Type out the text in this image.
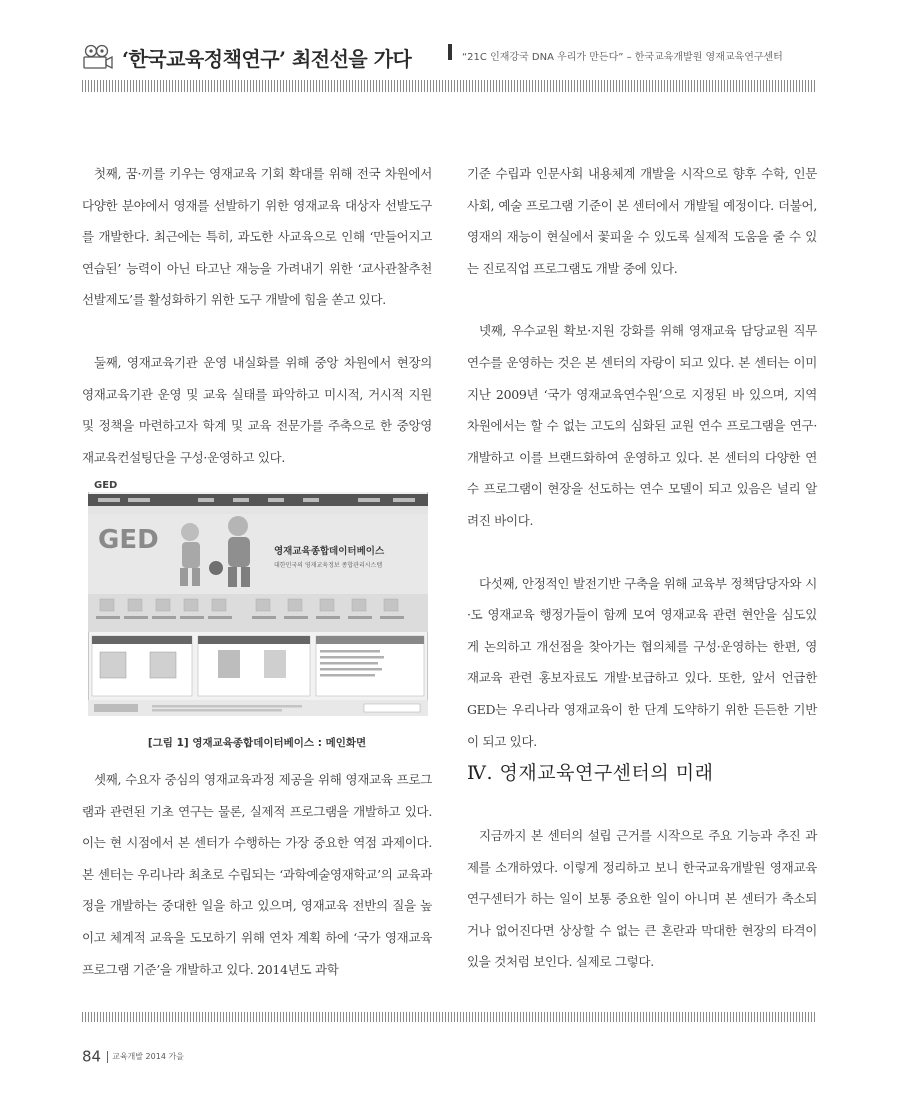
‘한국교육정책연구’ 최전선을 가다	“21C 인재강국 DNA 우리가 만든다” – 한국교육개발원 영재교육연구센터

첫째, 꿈·끼를 키우는 영재교육 기회 확대를 위해 전국 차원에서 다양한 분야에서 영재를 선발하기 위한 영재교육 대상자 선발도구를 개발한다. 최근에는 특히, 과도한 사교육으로 인해 ‘만들어지고 연습된’ 능력이 아닌 타고난 재능을 가려내기 위한 ‘교사관찰추천선발제도’를 활성화하기 위한 도구 개발에 힘을 쏟고 있다.

둘째, 영재교육기관 운영 내실화를 위해 중앙 차원에서 현장의 영재교육기관 운영 및 교육 실태를 파악하고 미시적, 거시적 지원 및 정책을 마련하고자 학계 및 교육 전문가를 주축으로 한 중앙영재교육컨설팅단을 구성·운영하고 있다.

GED
GED	영재교육종합데이터베이스
대한민국의 영재교육정보 종합관리시스템
[그림 1] 영재교육종합데이터베이스 : 메인화면

셋째, 수요자 중심의 영재교육과정 제공을 위해 영재교육 프로그램과 관련된 기초 연구는 물론, 실제적 프로그램을 개발하고 있다. 이는 현 시점에서 본 센터가 수행하는 가장 중요한 역점 과제이다. 본 센터는 우리나라 최초로 수립되는 ‘과학예술영재학교’의 교육과정을 개발하는 중대한 일을 하고 있으며, 영재교육 전반의 질을 높이고 체계적 교육을 도모하기 위해 연차 계획 하에 ‘국가 영재교육 프로그램 기준’을 개발하고 있다. 2014년도 과학

기준 수립과 인문사회 내용체계 개발을 시작으로 향후 수학, 인문사회, 예술 프로그램 기준이 본 센터에서 개발될 예정이다. 더불어, 영재의 재능이 현실에서 꽃피울 수 있도록 실제적 도움을 줄 수 있는 진로직업 프로그램도 개발 중에 있다.

넷째, 우수교원 확보·지원 강화를 위해 영재교육 담당교원 직무연수를 운영하는 것은 본 센터의 자랑이 되고 있다. 본 센터는 이미 지난 2009년 ‘국가 영재교육연수원’으로 지정된 바 있으며, 지역 차원에서는 할 수 없는 고도의 심화된 교원 연수 프로그램을 연구·개발하고 이를 브랜드화하여 운영하고 있다. 본 센터의 다양한 연수 프로그램이 현장을 선도하는 연수 모델이 되고 있음은 널리 알려진 바이다.

다섯째, 안정적인 발전기반 구축을 위해 교육부 정책담당자와 시·도 영재교육 행정가들이 함께 모여 영재교육 관련 현안을 심도있게 논의하고 개선점을 찾아가는 협의체를 구성·운영하는 한편, 영재교육 관련 홍보자료도 개발·보급하고 있다. 또한, 앞서 언급한 GED는 우리나라 영재교육이 한 단계 도약하기 위한 든든한 기반이 되고 있다.

Ⅳ. 영재교육연구센터의 미래

지금까지 본 센터의 설립 근거를 시작으로 주요 기능과 추진 과제를 소개하였다. 이렇게 정리하고 보니 한국교육개발원 영재교육연구센터가 하는 일이 보통 중요한 일이 아니며 본 센터가 축소되거나 없어진다면 상상할 수 없는 큰 혼란과 막대한 현장의 타격이 있을 것처럼 보인다. 실제로 그렇다.

84 교육개발 2014 가을
